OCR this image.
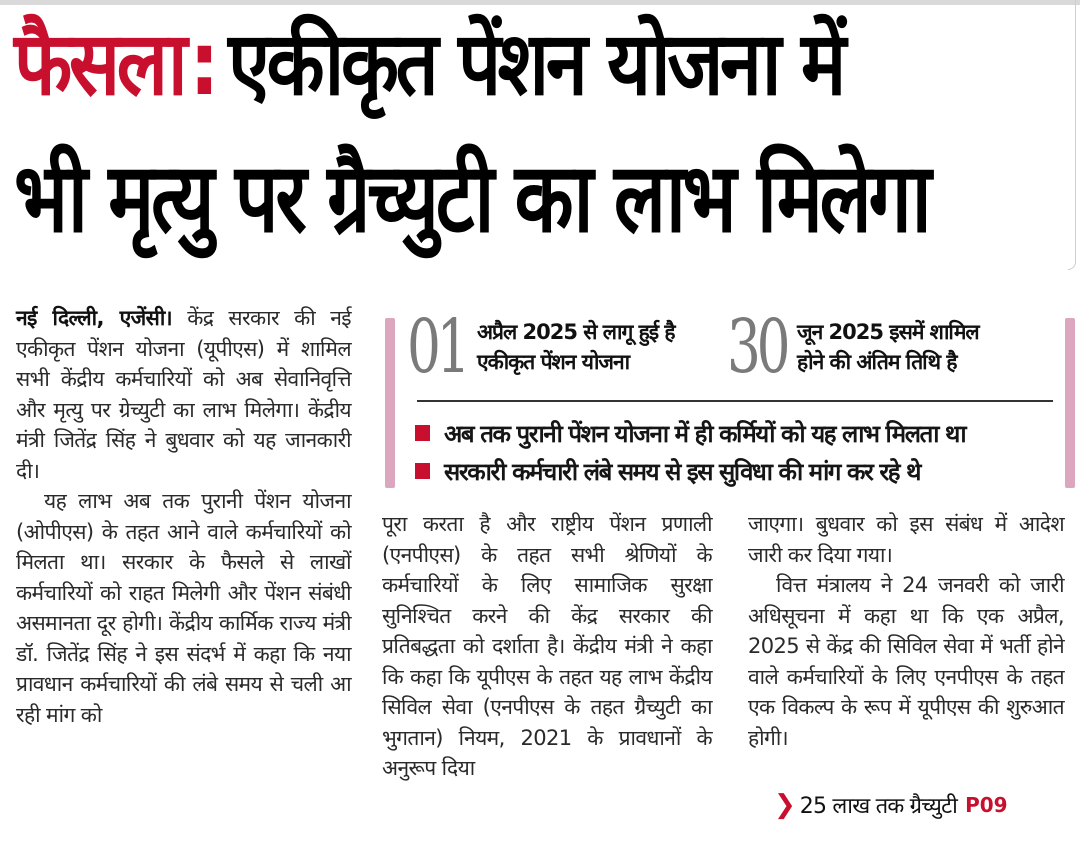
फैसला: एकीकृत पेंशन योजना में
भी मृत्यु पर ग्रैच्युटी का लाभ मिलेगा

नई दिल्ली, एजेंसी। केंद्र सरकार की नई एकीकृत पेंशन योजना (यूपीएस) में शामिल सभी केंद्रीय कर्मचारियों को अब सेवानिवृत्ति और मृत्यु पर ग्रेच्युटी का लाभ मिलेगा। केंद्रीय मंत्री जितेंद्र सिंह ने बुधवार को यह जानकारी दी।

यह लाभ अब तक पुरानी पेंशन योजना (ओपीएस) के तहत आने वाले कर्मचारियों को मिलता था। सरकार के फैसले से लाखों कर्मचारियों को राहत मिलेगी और पेंशन संबंधी असमानता दूर होगी। केंद्रीय कार्मिक राज्य मंत्री डॉ. जितेंद्र सिंह ने इस संदर्भ में कहा कि नया प्रावधान कर्मचारियों की लंबे समय से चली आ रही मांग को

01 अप्रैल 2025 से लागू हुई है
एकीकृत पेंशन योजना	30 जून 2025 इसमें शामिल
होने की अंतिम तिथि है
अब तक पुरानी पेंशन योजना में ही कर्मियों को यह लाभ मिलता था
सरकारी कर्मचारी लंबे समय से इस सुविधा की मांग कर रहे थे

पूरा करता है और राष्ट्रीय पेंशन प्रणाली (एनपीएस) के तहत सभी श्रेणियों के कर्मचारियों के लिए सामाजिक सुरक्षा सुनिश्चित करने की केंद्र सरकार की प्रतिबद्धता को दर्शाता है। केंद्रीय मंत्री ने कहा कि कहा कि यूपीएस के तहत यह लाभ केंद्रीय सिविल सेवा (एनपीएस के तहत ग्रैच्युटी का भुगतान) नियम, 2021 के प्रावधानों के अनुरूप दिया

जाएगा। बुधवार को इस संबंध में आदेश जारी कर दिया गया।

वित्त मंत्रालय ने 24 जनवरी को जारी अधिसूचना में कहा था कि एक अप्रैल, 2025 से केंद्र की सिविल सेवा में भर्ती होने वाले कर्मचारियों के लिए एनपीएस के तहत एक विकल्प के रूप में यूपीएस की शुरुआत होगी।

❯ 25 लाख तक ग्रैच्युटी P09
